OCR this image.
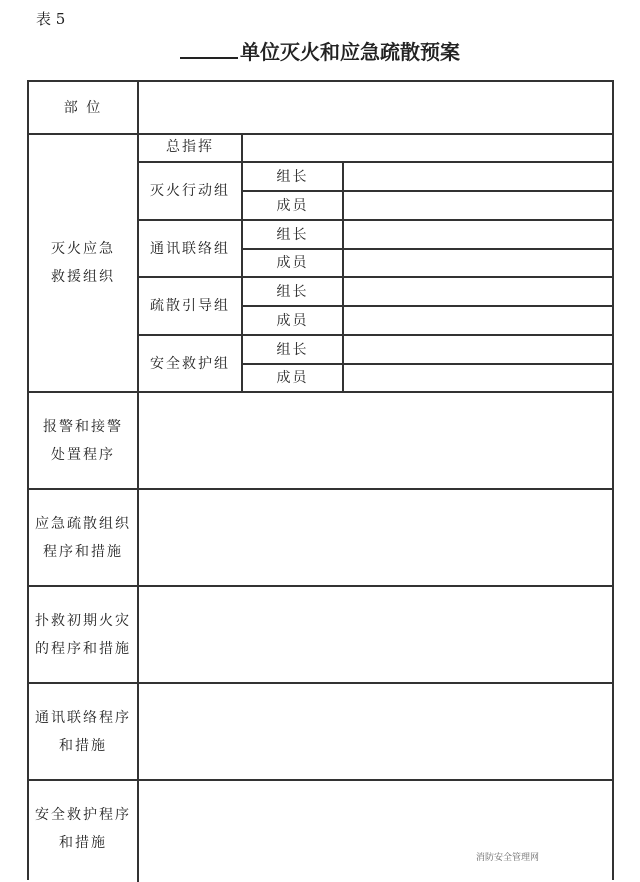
表 5
单位灭火和应急疏散预案
部 位
灭火应急
救援组织
总指挥
灭火行动组
组长
成员
通讯联络组
组长
成员
疏散引导组
组长
成员
安全救护组
组长
成员
报警和接警
处置程序
应急疏散组织
程序和措施
扑救初期火灾
的程序和措施
通讯联络程序
和措施
安全救护程序
和措施
消防安全管理网
